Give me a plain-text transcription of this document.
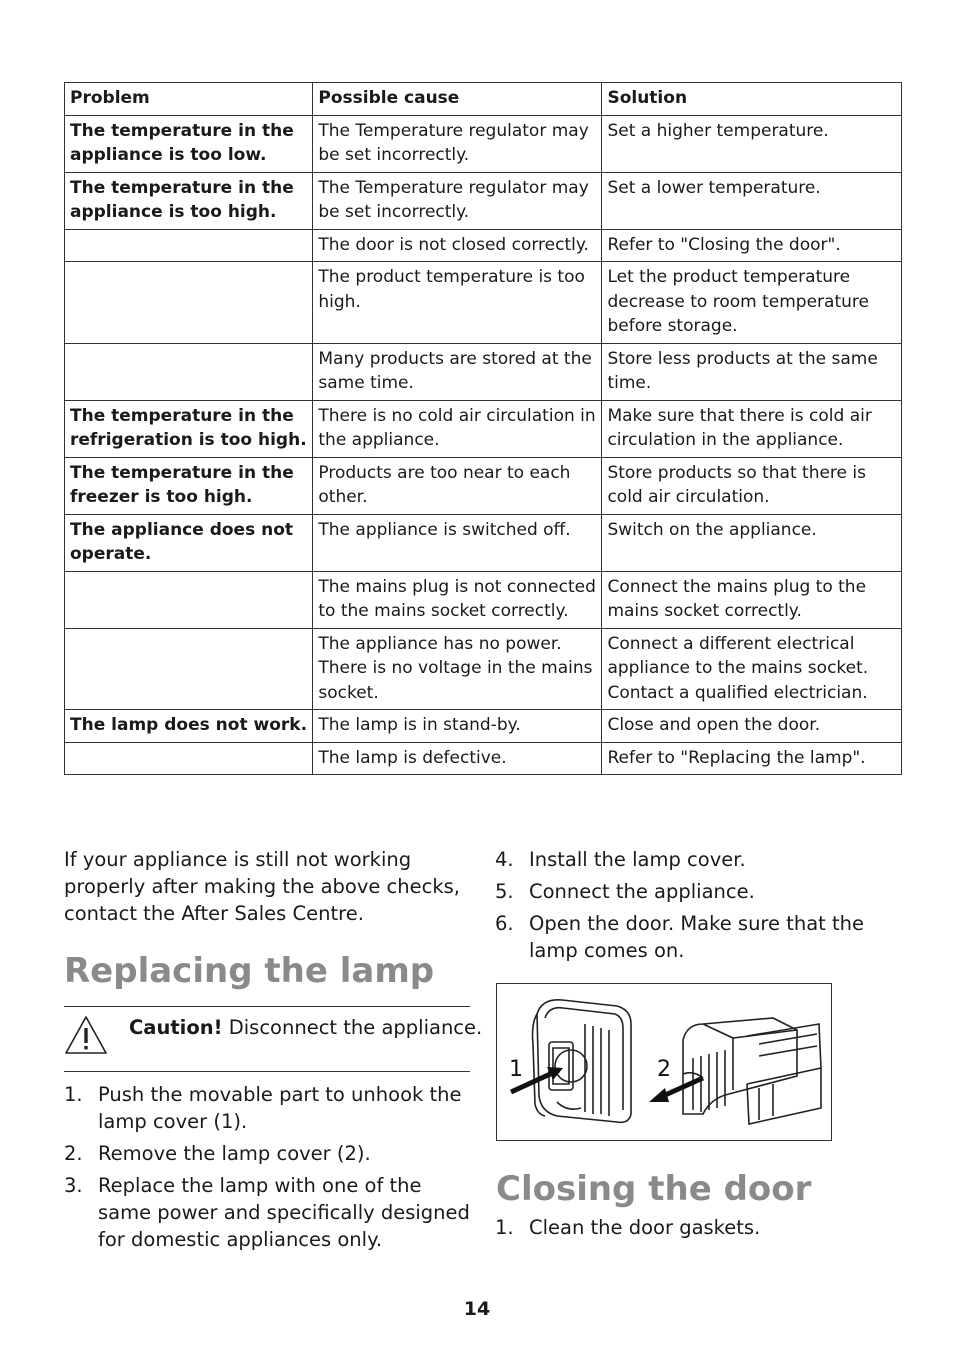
Problem	Possible cause	Solution
The temperature in the appliance is too low.	The Temperature regulator may be set incorrectly.	Set a higher temperature.
The temperature in the appliance is too high.	The Temperature regulator may be set incorrectly.	Set a lower temperature.
	The door is not closed correctly.	Refer to "Closing the door".
	The product temperature is too high.	Let the product temperature decrease to room temperature before storage.
	Many products are stored at the same time.	Store less products at the same time.
The temperature in the refrigeration is too high.	There is no cold air circulation in the appliance.	Make sure that there is cold air circulation in the appliance.
The temperature in the freezer is too high.	Products are too near to each other.	Store products so that there is cold air circulation.
The appliance does not operate.	The appliance is switched off.	Switch on the appliance.
	The mains plug is not connected to the mains socket correctly.	Connect the mains plug to the mains socket correctly.
	The appliance has no power. There is no voltage in the mains socket.	Connect a different electrical appliance to the mains socket. Contact a qualified electrician.
The lamp does not work.	The lamp is in stand-by.	Close and open the door.
	The lamp is defective.	Refer to "Replacing the lamp".

If your appliance is still not working properly after making the above checks, contact the After Sales Centre.

Replacing the lamp
Caution! Disconnect the appliance.
1. Push the movable part to unhook the lamp cover (1).
2. Remove the lamp cover (2).
3. Replace the lamp with one of the same power and specifically designed for domestic appliances only.
4. Install the lamp cover.
5. Connect the appliance.
6. Open the door. Make sure that the lamp comes on.
1	2
Closing the door
1. Clean the door gaskets.
14
